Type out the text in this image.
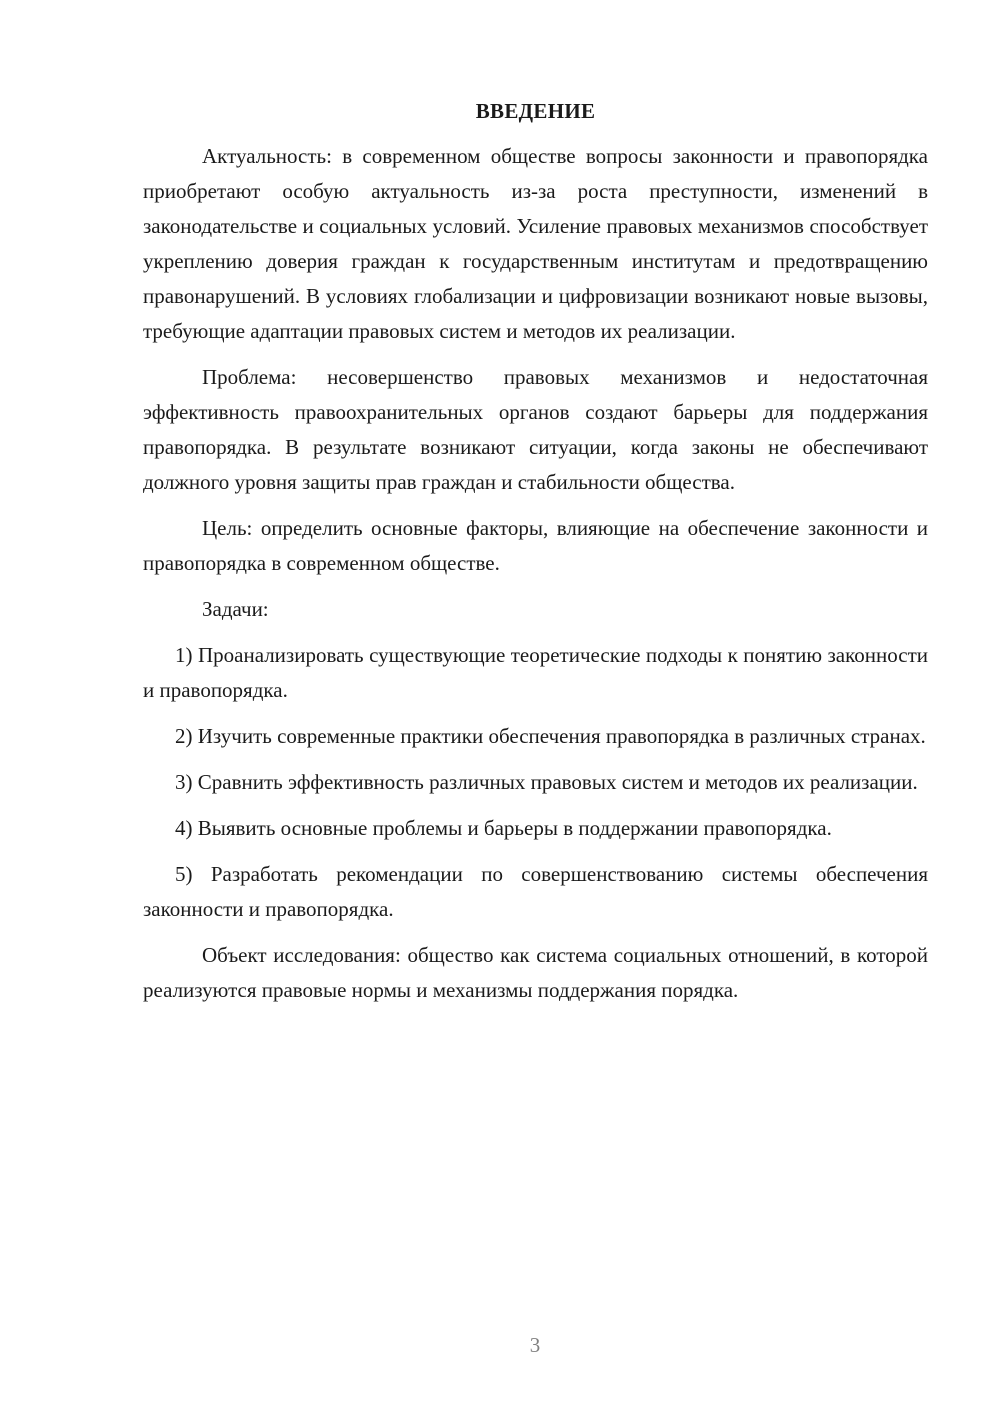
ВВЕДЕНИЕ

Актуальность: в современном обществе вопросы законности и правопорядка приобретают особую актуальность из-за роста преступности, изменений в законодательстве и социальных условий. Усиление правовых механизмов способствует укреплению доверия граждан к государственным институтам и предотвращению правонарушений. В условиях глобализации и цифровизации возникают новые вызовы, требующие адаптации правовых систем и методов их реализации.

Проблема: несовершенство правовых механизмов и недостаточная эффективность правоохранительных органов создают барьеры для поддержания правопорядка. В результате возникают ситуации, когда законы не обеспечивают должного уровня защиты прав граждан и стабильности общества.

Цель: определить основные факторы, влияющие на обеспечение законности и правопорядка в современном обществе.

Задачи:

1) Проанализировать существующие теоретические подходы к понятию законности и правопорядка.

2) Изучить современные практики обеспечения правопорядка в различных странах.

3) Сравнить эффективность различных правовых систем и методов их реализации.

4) Выявить основные проблемы и барьеры в поддержании правопорядка.

5) Разработать рекомендации по совершенствованию системы обеспечения законности и правопорядка.

Объект исследования: общество как система социальных отношений, в которой реализуются правовые нормы и механизмы поддержания порядка.

3
